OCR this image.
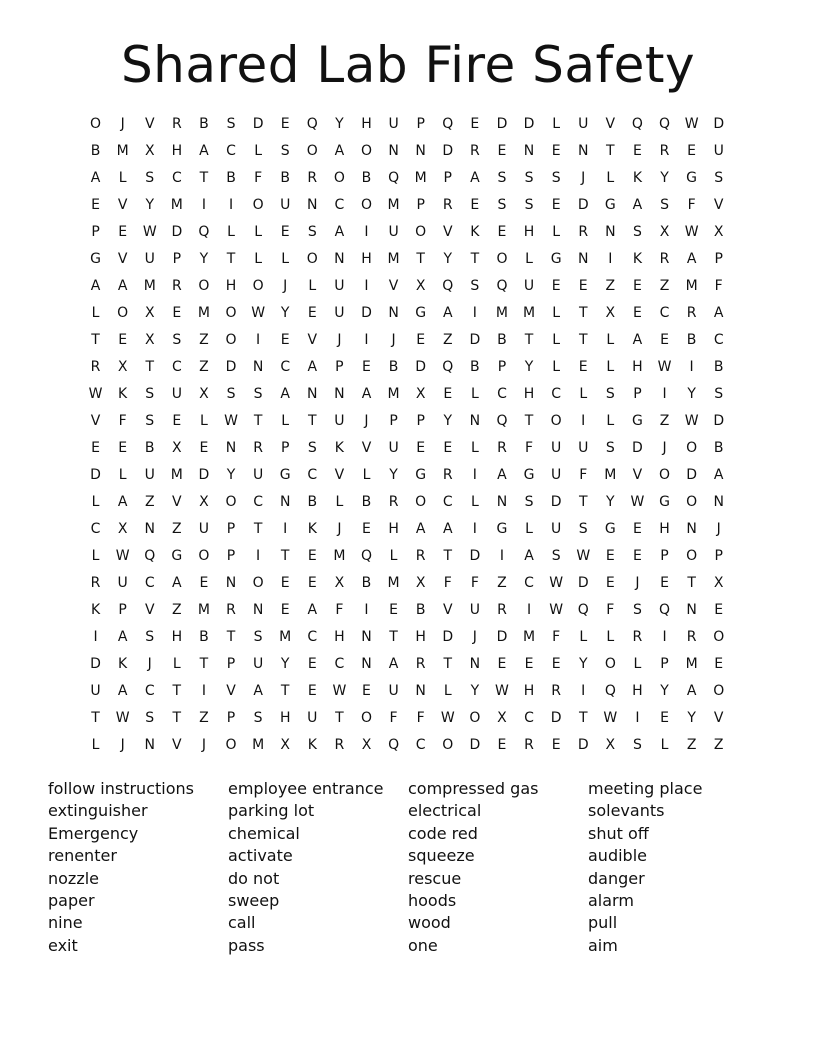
Shared Lab Fire Safety
O	J	V	R	B	S	D	E	Q	Y	H	U	P	Q	E	D	D	L	U	V	Q	Q	W	D
B	M	X	H	A	C	L	S	O	A	O	N	N	D	R	E	N	E	N	T	E	R	E	U
A	L	S	C	T	B	F	B	R	O	B	Q	M	P	A	S	S	S	J	L	K	Y	G	S
E	V	Y	M	I	I	O	U	N	C	O	M	P	R	E	S	S	E	D	G	A	S	F	V
P	E	W	D	Q	L	L	E	S	A	I	U	O	V	K	E	H	L	R	N	S	X	W	X
G	V	U	P	Y	T	L	L	O	N	H	M	T	Y	T	O	L	G	N	I	K	R	A	P
A	A	M	R	O	H	O	J	L	U	I	V	X	Q	S	Q	U	E	E	Z	E	Z	M	F
L	O	X	E	M	O	W	Y	E	U	D	N	G	A	I	M	M	L	T	X	E	C	R	A
T	E	X	S	Z	O	I	E	V	J	I	J	E	Z	D	B	T	L	T	L	A	E	B	C
R	X	T	C	Z	D	N	C	A	P	E	B	D	Q	B	P	Y	L	E	L	H	W	I	B
W	K	S	U	X	S	S	A	N	N	A	M	X	E	L	C	H	C	L	S	P	I	Y	S
V	F	S	E	L	W	T	L	T	U	J	P	P	Y	N	Q	T	O	I	L	G	Z	W	D
E	E	B	X	E	N	R	P	S	K	V	U	E	E	L	R	F	U	U	S	D	J	O	B
D	L	U	M	D	Y	U	G	C	V	L	Y	G	R	I	A	G	U	F	M	V	O	D	A
L	A	Z	V	X	O	C	N	B	L	B	R	O	C	L	N	S	D	T	Y	W	G	O	N
C	X	N	Z	U	P	T	I	K	J	E	H	A	A	I	G	L	U	S	G	E	H	N	J
L	W	Q	G	O	P	I	T	E	M	Q	L	R	T	D	I	A	S	W	E	E	P	O	P
R	U	C	A	E	N	O	E	E	X	B	M	X	F	F	Z	C	W	D	E	J	E	T	X
K	P	V	Z	M	R	N	E	A	F	I	E	B	V	U	R	I	W	Q	F	S	Q	N	E
I	A	S	H	B	T	S	M	C	H	N	T	H	D	J	D	M	F	L	L	R	I	R	O
D	K	J	L	T	P	U	Y	E	C	N	A	R	T	N	E	E	E	Y	O	L	P	M	E
U	A	C	T	I	V	A	T	E	W	E	U	N	L	Y	W	H	R	I	Q	H	Y	A	O
T	W	S	T	Z	P	S	H	U	T	O	F	F	W	O	X	C	D	T	W	I	E	Y	V
L	J	N	V	J	O	M	X	K	R	X	Q	C	O	D	E	R	E	D	X	S	L	Z	Z
follow instructions
extinguisher
Emergency
renenter
nozzle
paper
nine
exit
employee entrance
parking lot
chemical
activate
do not
sweep
call
pass
compressed gas
electrical
code red
squeeze
rescue
hoods
wood
one
meeting place
solevants
shut off
audible
danger
alarm
pull
aim
